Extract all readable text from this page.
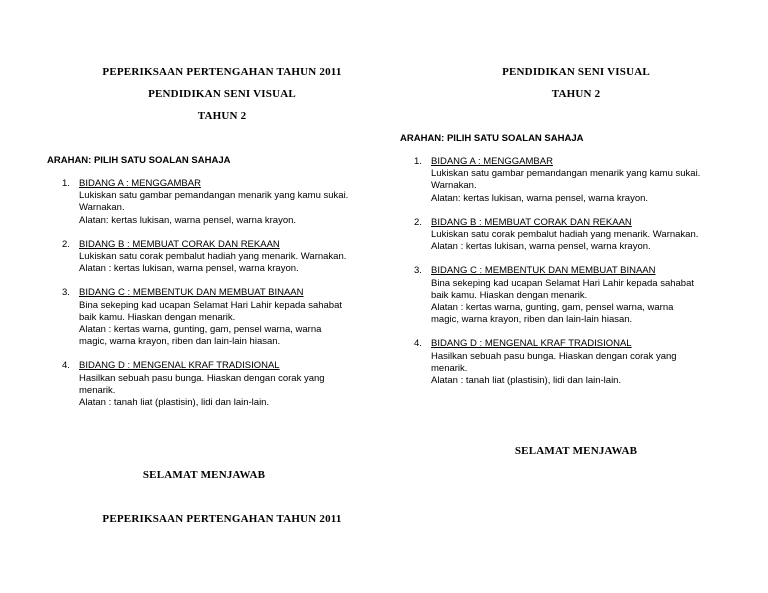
PEPERIKSAAN PERTENGAHAN TAHUN 2011
PENDIDIKAN SENI VISUAL
TAHUN 2
ARAHAN: PILIH SATU SOALAN SAHAJA
1. BIDANG A : MENGGAMBAR
Lukiskan satu gambar pemandangan menarik yang kamu sukai.
Warnakan.
Alatan: kertas lukisan, warna pensel, warna krayon.
2. BIDANG B : MEMBUAT CORAK DAN REKAAN
Lukiskan satu corak pembalut hadiah yang menarik. Warnakan.
Alatan : kertas lukisan, warna pensel, warna krayon.
3. BIDANG C : MEMBENTUK DAN MEMBUAT BINAAN
Bina sekeping kad ucapan Selamat Hari Lahir kepada sahabat
baik kamu. Hiaskan dengan menarik.
Alatan : kertas warna, gunting, gam, pensel warna, warna
magic, warna krayon, riben dan lain-lain hiasan.
4. BIDANG D : MENGENAL KRAF TRADISIONAL
Hasilkan sebuah pasu bunga. Hiaskan dengan corak yang
menarik.
Alatan : tanah liat (plastisin), lidi dan lain-lain.
SELAMAT MENJAWAB
PEPERIKSAAN PERTENGAHAN TAHUN 2011
PENDIDIKAN SENI VISUAL
TAHUN 2
ARAHAN: PILIH SATU SOALAN SAHAJA
1. BIDANG A : MENGGAMBAR
Lukiskan satu gambar pemandangan menarik yang kamu sukai.
Warnakan.
Alatan: kertas lukisan, warna pensel, warna krayon.
2. BIDANG B : MEMBUAT CORAK DAN REKAAN
Lukiskan satu corak pembalut hadiah yang menarik. Warnakan.
Alatan : kertas lukisan, warna pensel, warna krayon.
3. BIDANG C : MEMBENTUK DAN MEMBUAT BINAAN
Bina sekeping kad ucapan Selamat Hari Lahir kepada sahabat
baik kamu. Hiaskan dengan menarik.
Alatan : kertas warna, gunting, gam, pensel warna, warna
magic, warna krayon, riben dan lain-lain hiasan.
4. BIDANG D : MENGENAL KRAF TRADISIONAL
Hasilkan sebuah pasu bunga. Hiaskan dengan corak yang
menarik.
Alatan : tanah liat (plastisin), lidi dan lain-lain.
SELAMAT MENJAWAB
